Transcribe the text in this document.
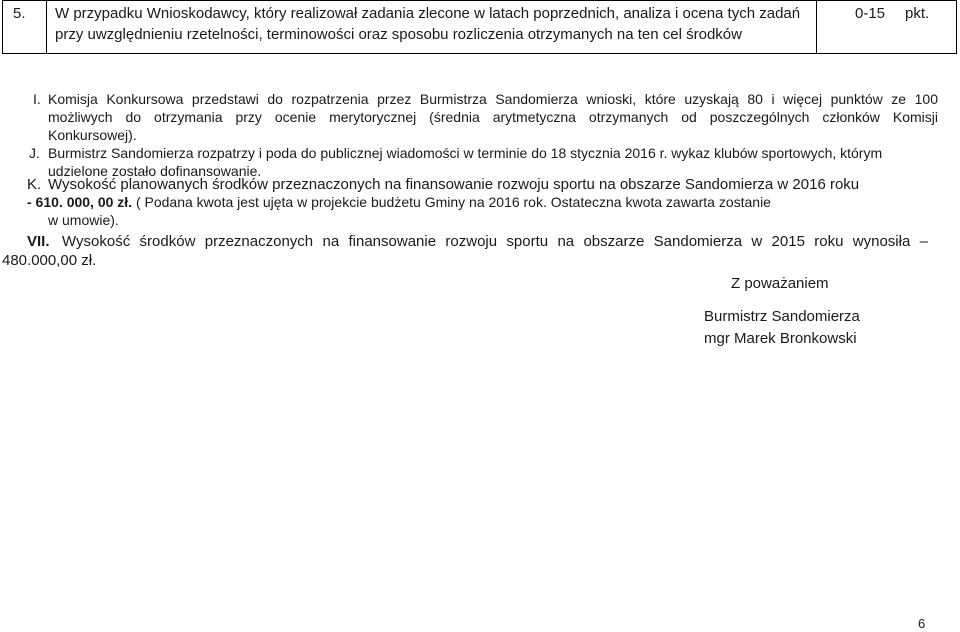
5. W przypadku Wnioskodawcy, który realizował zadania zlecone w latach poprzednich, analiza i ocena tych zadań przy uwzględnieniu rzetelności, terminowości oraz sposobu rozliczenia otrzymanych na ten cel środków
0-15 pkt.
I. Komisja Konkursowa przedstawi do rozpatrzenia przez Burmistrza Sandomierza wnioski, które uzyskają 80 i więcej punktów ze 100
możliwych do otrzymania przy ocenie merytorycznej (średnia arytmetyczna otrzymanych od poszczególnych członków Komisji
Konkursowej).
J. Burmistrz Sandomierza rozpatrzy i poda do publicznej wiadomości w terminie do 18 stycznia 2016 r. wykaz klubów sportowych, którym
udzielone zostało dofinansowanie.
K. Wysokość planowanych środków przeznaczonych na finansowanie rozwoju sportu na obszarze Sandomierza w 2016 roku
- 610. 000, 00 zł. ( Podana kwota jest ujęta w projekcie budżetu Gminy na 2016 rok. Ostateczna kwota zawarta zostanie
w umowie).
VII. Wysokość środków przeznaczonych na finansowanie rozwoju sportu na obszarze Sandomierza w 2015 roku wynosiła –
480.000,00 zł.
Z poważaniem
Burmistrz Sandomierza
mgr Marek Bronkowski
6
